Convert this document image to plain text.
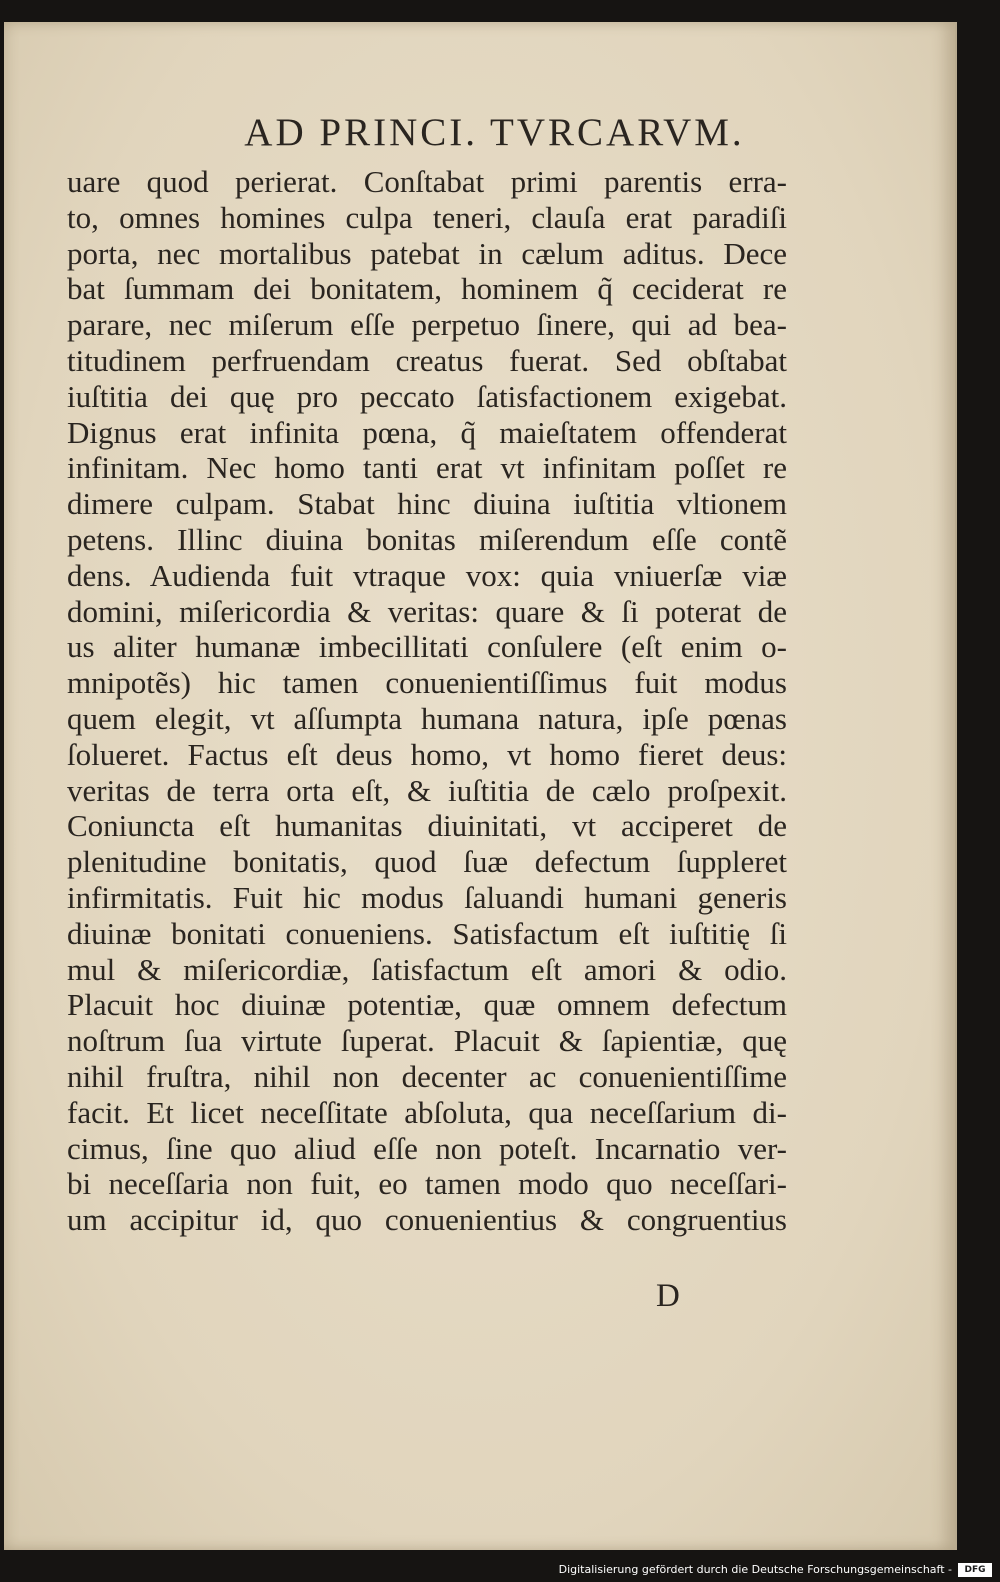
AD PRINCI. TVRCARVM.
uare quod perierat. Conſtabat primi parentis erra-
to, omnes homines culpa teneri, clauſa erat paradiſi
porta, nec mortalibus patebat in cælum aditus. Dece
bat ſummam dei bonitatem, hominem q̃ ceciderat re
parare, nec miſerum eſſe perpetuo ſinere, qui ad bea-
titudinem perfruendam creatus fuerat. Sed obſtabat
iuſtitia dei quę pro peccato ſatisfactionem exigebat.
Dignus erat infinita pœna, q̃ maieſtatem offenderat
infinitam. Nec homo tanti erat vt infinitam poſſet re
dimere culpam. Stabat hinc diuina iuſtitia vltionem
petens. Illinc diuina bonitas miſerendum eſſe contẽ
dens. Audienda fuit vtraque vox: quia vniuerſæ viæ
domini, miſericordia & veritas: quare & ſi poterat de
us aliter humanæ imbecillitati conſulere (eſt enim o-
mnipotẽs) hic tamen conuenientiſſimus fuit modus
quem elegit, vt aſſumpta humana natura, ipſe pœnas
ſolueret. Factus eſt deus homo, vt homo fieret deus:
veritas de terra orta eſt, & iuſtitia de cælo proſpexit.
Coniuncta eſt humanitas diuinitati, vt acciperet de
plenitudine bonitatis, quod ſuæ defectum ſuppleret
infirmitatis. Fuit hic modus ſaluandi humani generis
diuinæ bonitati conueniens. Satisfactum eſt iuſtitię ſi
mul & miſericordiæ, ſatisfactum eſt amori & odio.
Placuit hoc diuinæ potentiæ, quæ omnem defectum
noſtrum ſua virtute ſuperat. Placuit & ſapientiæ, quę
nihil fruſtra, nihil non decenter ac conuenientiſſime
facit. Et licet neceſſitate abſoluta, qua neceſſarium di-
cimus, ſine quo aliud eſſe non poteſt. Incarnatio ver-
bi neceſſaria non fuit, eo tamen modo quo neceſſari-
um accipitur id, quo conuenientius & congruentius
D
Digitalisierung gefördert durch die Deutsche Forschungsgemeinschaft -	DFG
